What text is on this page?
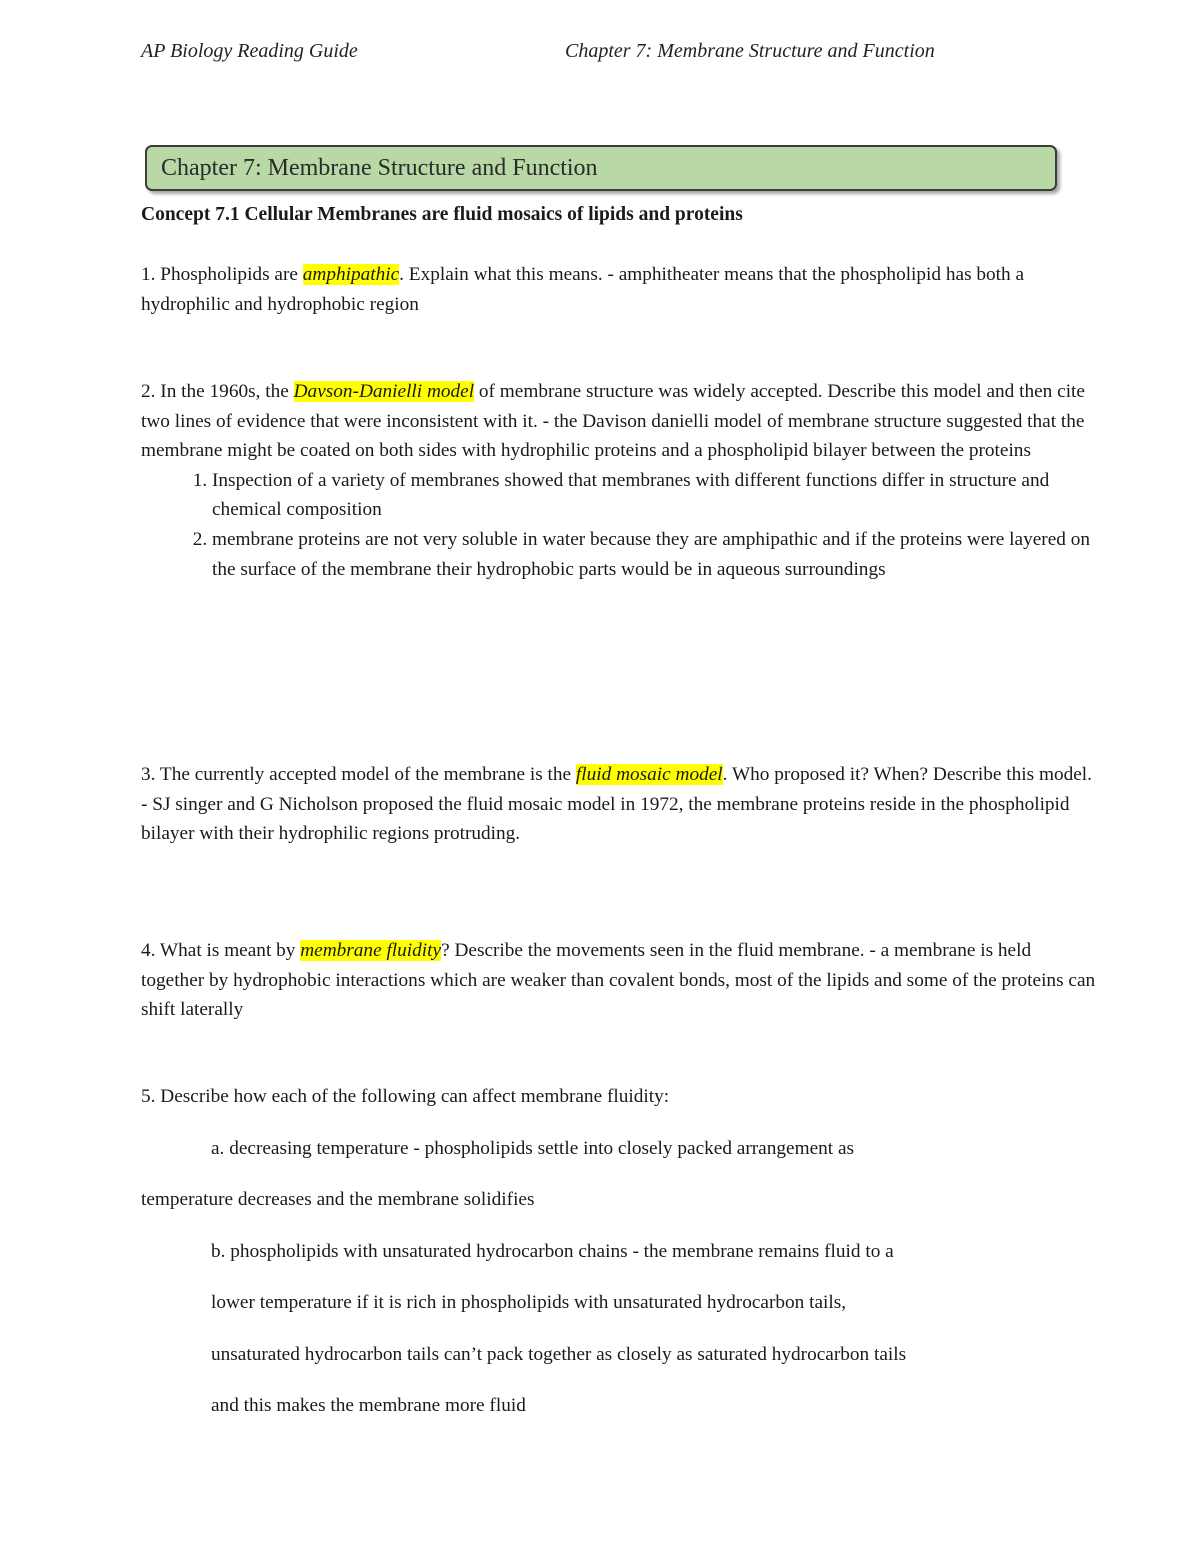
AP Biology Reading Guide	Chapter 7: Membrane Structure and Function
Chapter 7: Membrane Structure and Function
Concept 7.1 Cellular Membranes are fluid mosaics of lipids and proteins
1. Phospholipids are amphipathic. Explain what this means. - amphitheater means that the phospholipid has both a hydrophilic and hydrophobic region
2. In the 1960s, the Davson-Danielli model of membrane structure was widely accepted. Describe this model and then cite two lines of evidence that were inconsistent with it. - the Davison danielli model of membrane structure suggested that the membrane might be coated on both sides with hydrophilic proteins and a phospholipid bilayer between the proteins
1. Inspection of a variety of membranes showed that membranes with different functions differ in structure and chemical composition
2. membrane proteins are not very soluble in water because they are amphipathic and if the proteins were layered on the surface of the membrane their hydrophobic parts would be in aqueous surroundings
3. The currently accepted model of the membrane is the fluid mosaic model. Who proposed it? When? Describe this model. - SJ singer and G Nicholson proposed the fluid mosaic model in 1972, the membrane proteins reside in the phospholipid bilayer with their hydrophilic regions protruding.
4. What is meant by membrane fluidity? Describe the movements seen in the fluid membrane. - a membrane is held together by hydrophobic interactions which are weaker than covalent bonds, most of the lipids and some of the proteins can shift laterally
5. Describe how each of the following can affect membrane fluidity:
a. decreasing temperature - phospholipids settle into closely packed arrangement as
temperature decreases and the membrane solidifies
b. phospholipids with unsaturated hydrocarbon chains - the membrane remains fluid to a
lower temperature if it is rich in phospholipids with unsaturated hydrocarbon tails,
unsaturated hydrocarbon tails can’t pack together as closely as saturated hydrocarbon tails
and this makes the membrane more fluid
